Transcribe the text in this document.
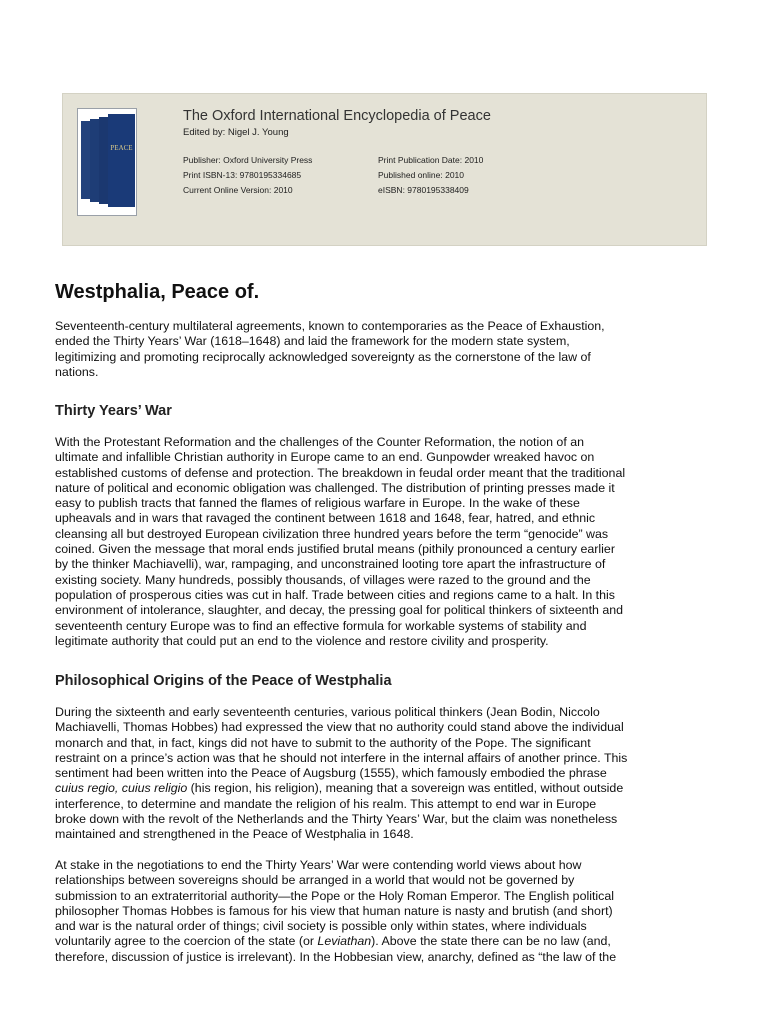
PEACE
The Oxford International Encyclopedia of Peace
Edited by: Nigel J. Young
Publisher: Oxford University Press
Print ISBN-13: 9780195334685
Current Online Version: 2010
Print Publication Date: 2010
Published online: 2010
eISBN: 9780195338409
Westphalia, Peace of.
Seventeenth-century multilateral agreements, known to contemporaries as the Peace of Exhaustion,
ended the Thirty Years’ War (1618–1648) and laid the framework for the modern state system,
legitimizing and promoting reciprocally acknowledged sovereignty as the cornerstone of the law of
nations.
Thirty Years’ War
With the Protestant Reformation and the challenges of the Counter Reformation, the notion of an
ultimate and infallible Christian authority in Europe came to an end. Gunpowder wreaked havoc on
established customs of defense and protection. The breakdown in feudal order meant that the traditional
nature of political and economic obligation was challenged. The distribution of printing presses made it
easy to publish tracts that fanned the flames of religious warfare in Europe. In the wake of these
upheavals and in wars that ravaged the continent between 1618 and 1648, fear, hatred, and ethnic
cleansing all but destroyed European civilization three hundred years before the term “genocide” was
coined. Given the message that moral ends justified brutal means (pithily pronounced a century earlier
by the thinker Machiavelli), war, rampaging, and unconstrained looting tore apart the infrastructure of
existing society. Many hundreds, possibly thousands, of villages were razed to the ground and the
population of prosperous cities was cut in half. Trade between cities and regions came to a halt. In this
environment of intolerance, slaughter, and decay, the pressing goal for political thinkers of sixteenth and
seventeenth century Europe was to find an effective formula for workable systems of stability and
legitimate authority that could put an end to the violence and restore civility and prosperity.
Philosophical Origins of the Peace of Westphalia
During the sixteenth and early seventeenth centuries, various political thinkers (Jean Bodin, Niccolo
Machiavelli, Thomas Hobbes) had expressed the view that no authority could stand above the individual
monarch and that, in fact, kings did not have to submit to the authority of the Pope. The significant
restraint on a prince’s action was that he should not interfere in the internal affairs of another prince. This
sentiment had been written into the Peace of Augsburg (1555), which famously embodied the phrase
cuius regio, cuius religio (his region, his religion), meaning that a sovereign was entitled, without outside
interference, to determine and mandate the religion of his realm. This attempt to end war in Europe
broke down with the revolt of the Netherlands and the Thirty Years’ War, but the claim was nonetheless
maintained and strengthened in the Peace of Westphalia in 1648.
At stake in the negotiations to end the Thirty Years’ War were contending world views about how
relationships between sovereigns should be arranged in a world that would not be governed by
submission to an extraterritorial authority—the Pope or the Holy Roman Emperor. The English political
philosopher Thomas Hobbes is famous for his view that human nature is nasty and brutish (and short)
and war is the natural order of things; civil society is possible only within states, where individuals
voluntarily agree to the coercion of the state (or Leviathan). Above the state there can be no law (and,
therefore, discussion of justice is irrelevant). In the Hobbesian view, anarchy, defined as “the law of the
